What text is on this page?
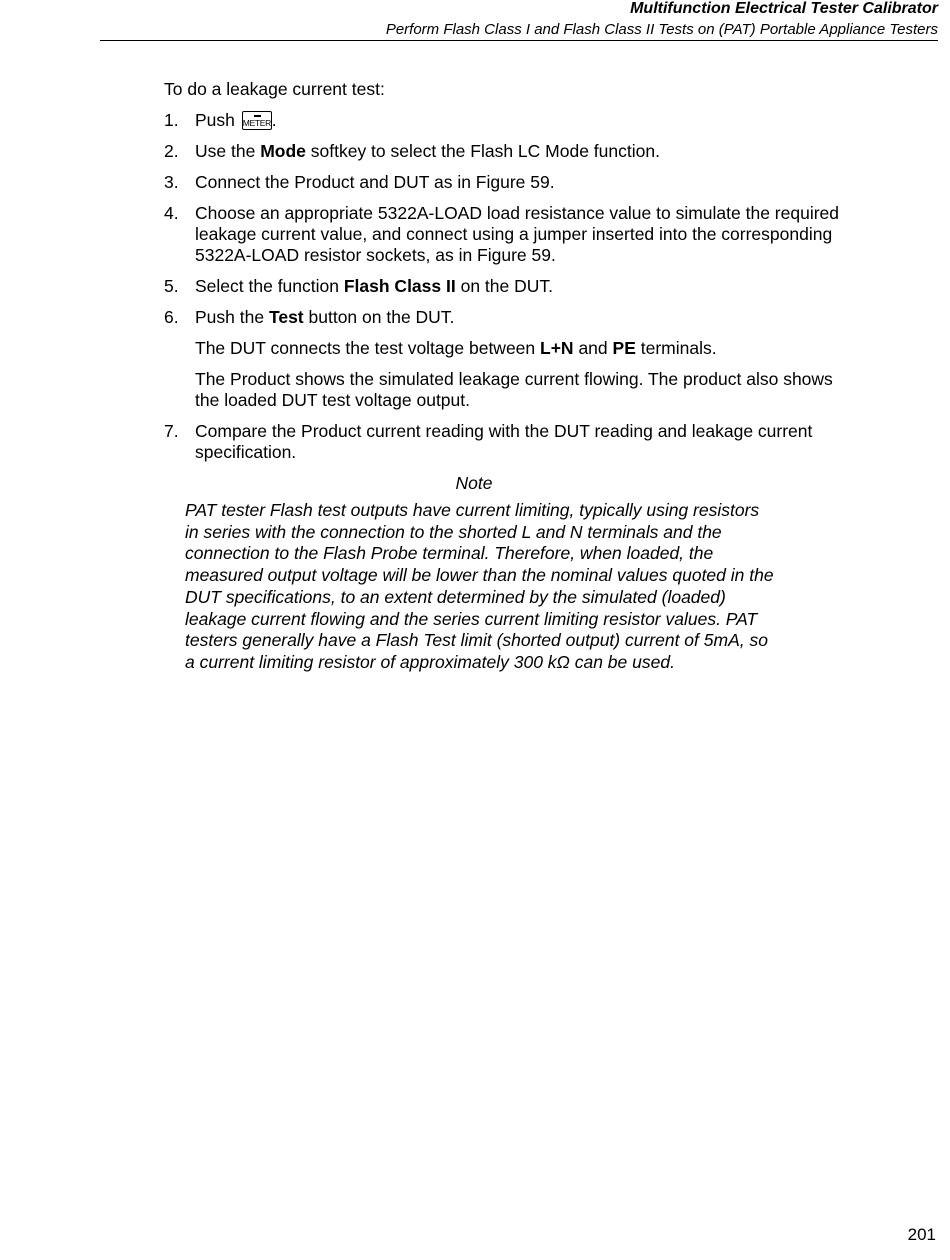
Multifunction Electrical Tester Calibrator
Perform Flash Class I and Flash Class II Tests on (PAT) Portable Appliance Testers
To do a leakage current test:
1. Push METER .
2. Use the Mode softkey to select the Flash LC Mode function.
3. Connect the Product and DUT as in Figure 59.
4. Choose an appropriate 5322A-LOAD load resistance value to simulate the required leakage current value, and connect using a jumper inserted into the corresponding 5322A-LOAD resistor sockets, as in Figure 59.
5. Select the function Flash Class II on the DUT.
6. Push the Test button on the DUT.
The DUT connects the test voltage between L+N and PE terminals.
The Product shows the simulated leakage current flowing. The product also shows the loaded DUT test voltage output.
7. Compare the Product current reading with the DUT reading and leakage current specification.
Note
PAT tester Flash test outputs have current limiting, typically using resistors in series with the connection to the shorted L and N terminals and the connection to the Flash Probe terminal. Therefore, when loaded, the measured output voltage will be lower than the nominal values quoted in the DUT specifications, to an extent determined by the simulated (loaded) leakage current flowing and the series current limiting resistor values. PAT testers generally have a Flash Test limit (shorted output) current of 5mA, so a current limiting resistor of approximately 300 kΩ can be used.
201
